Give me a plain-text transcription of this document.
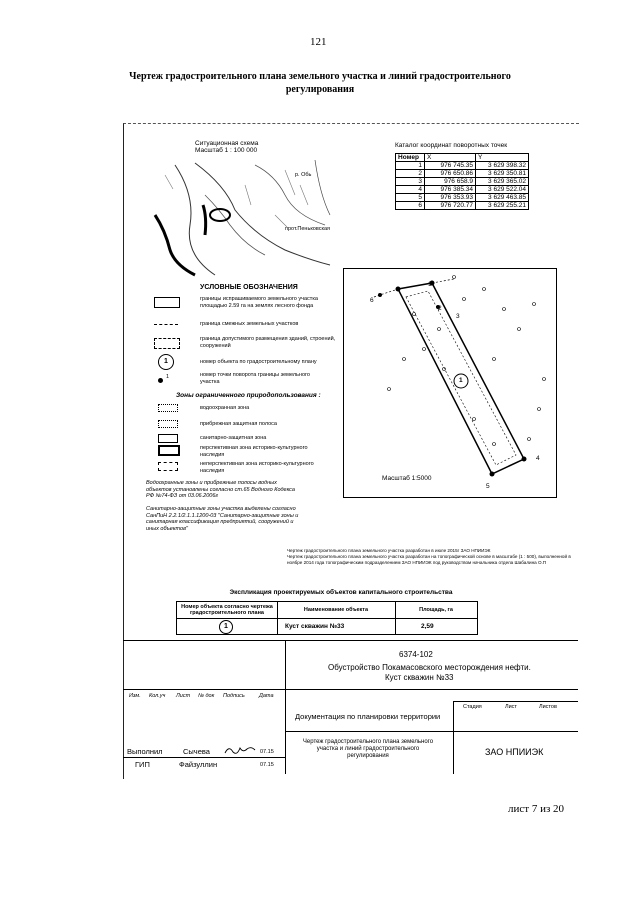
121
Чертеж градостроительного плана земельного участка и линий градостроительного
регулирования
Ситуационная схема
Масштаб 1 : 100 000
р. Обь
прот.Пеньковская
Каталог координат поворотных точек
Номер	X	Y
1	976 745.35	3 629 398.32
2	976 650.86	3 629 350.81
3	976 658.9	3 629 365.02
4	976 385.34	3 629 522.04
5	976 353.93	3 629 463.85
6	976 720.77	3 629 255.21
1
2
3
4
5
6
1
Масштаб 1:5000
УСЛОВНЫЕ ОБОЗНАЧЕНИЯ
границы испрашиваемого земельного участка площадью 2.59 га на землях лесного фонда
граница смежных земельных участков
граница допустимого размещения зданий, строений, сооружений
1	номер объекта по градостроительному плану
1	номер точки поворота границы земельного участка
Зоны ограниченного природопользования :
водоохранная зона
прибрежная защитная полоса
санитарно-защитная зона
перспективная зона историко-культурного наследия
неперспективная зона историко-культурного наследия
Водоохранные зоны и прибрежные полосы водных объектов установлены согласно ст.65 Водного Кодекса РФ №74-ФЗ от 03.06.2006г
Санитарно-защитные зоны участка выделены согласно СанПиН 2.2.1/2.1.1.1200-03 "Санитарно-защитные зоны и санитарная классификация предприятий, сооружений и иных объектов"
Чертеж градостроительного плана земельного участка разработан в июле 2015г ЗАО НПИИЭК
Чертеж градостроительного плана земельного участка разработан на топографической основе в масштабе (1 : 500), выполненной в ноябре 2014 года топографическим подразделением ЗАО НПИИЭК под руководством начальника отдела Шабалина О.П
Экспликация проектируемых объектов капитального строительства
Номер объекта согласно чертежа градостроительного плана
Наименование объекта	Площадь, га
1	Куст скважин №33	2,59
6374-102
Обустройство Покамасовского месторождения нефти.
Куст скважин №33
Изм. Кол.уч Лист № док Подпись	Дата
Документация по планировки территории
Стадия	Лист	Листов
Чертеж градостроительного плана земельного участка и линий градостроительного регулирования	ЗАО НПИИЭК
Выполнил	Сычева	07.15
ГИП	Файзуллин	07.15
лист 7 из 20
